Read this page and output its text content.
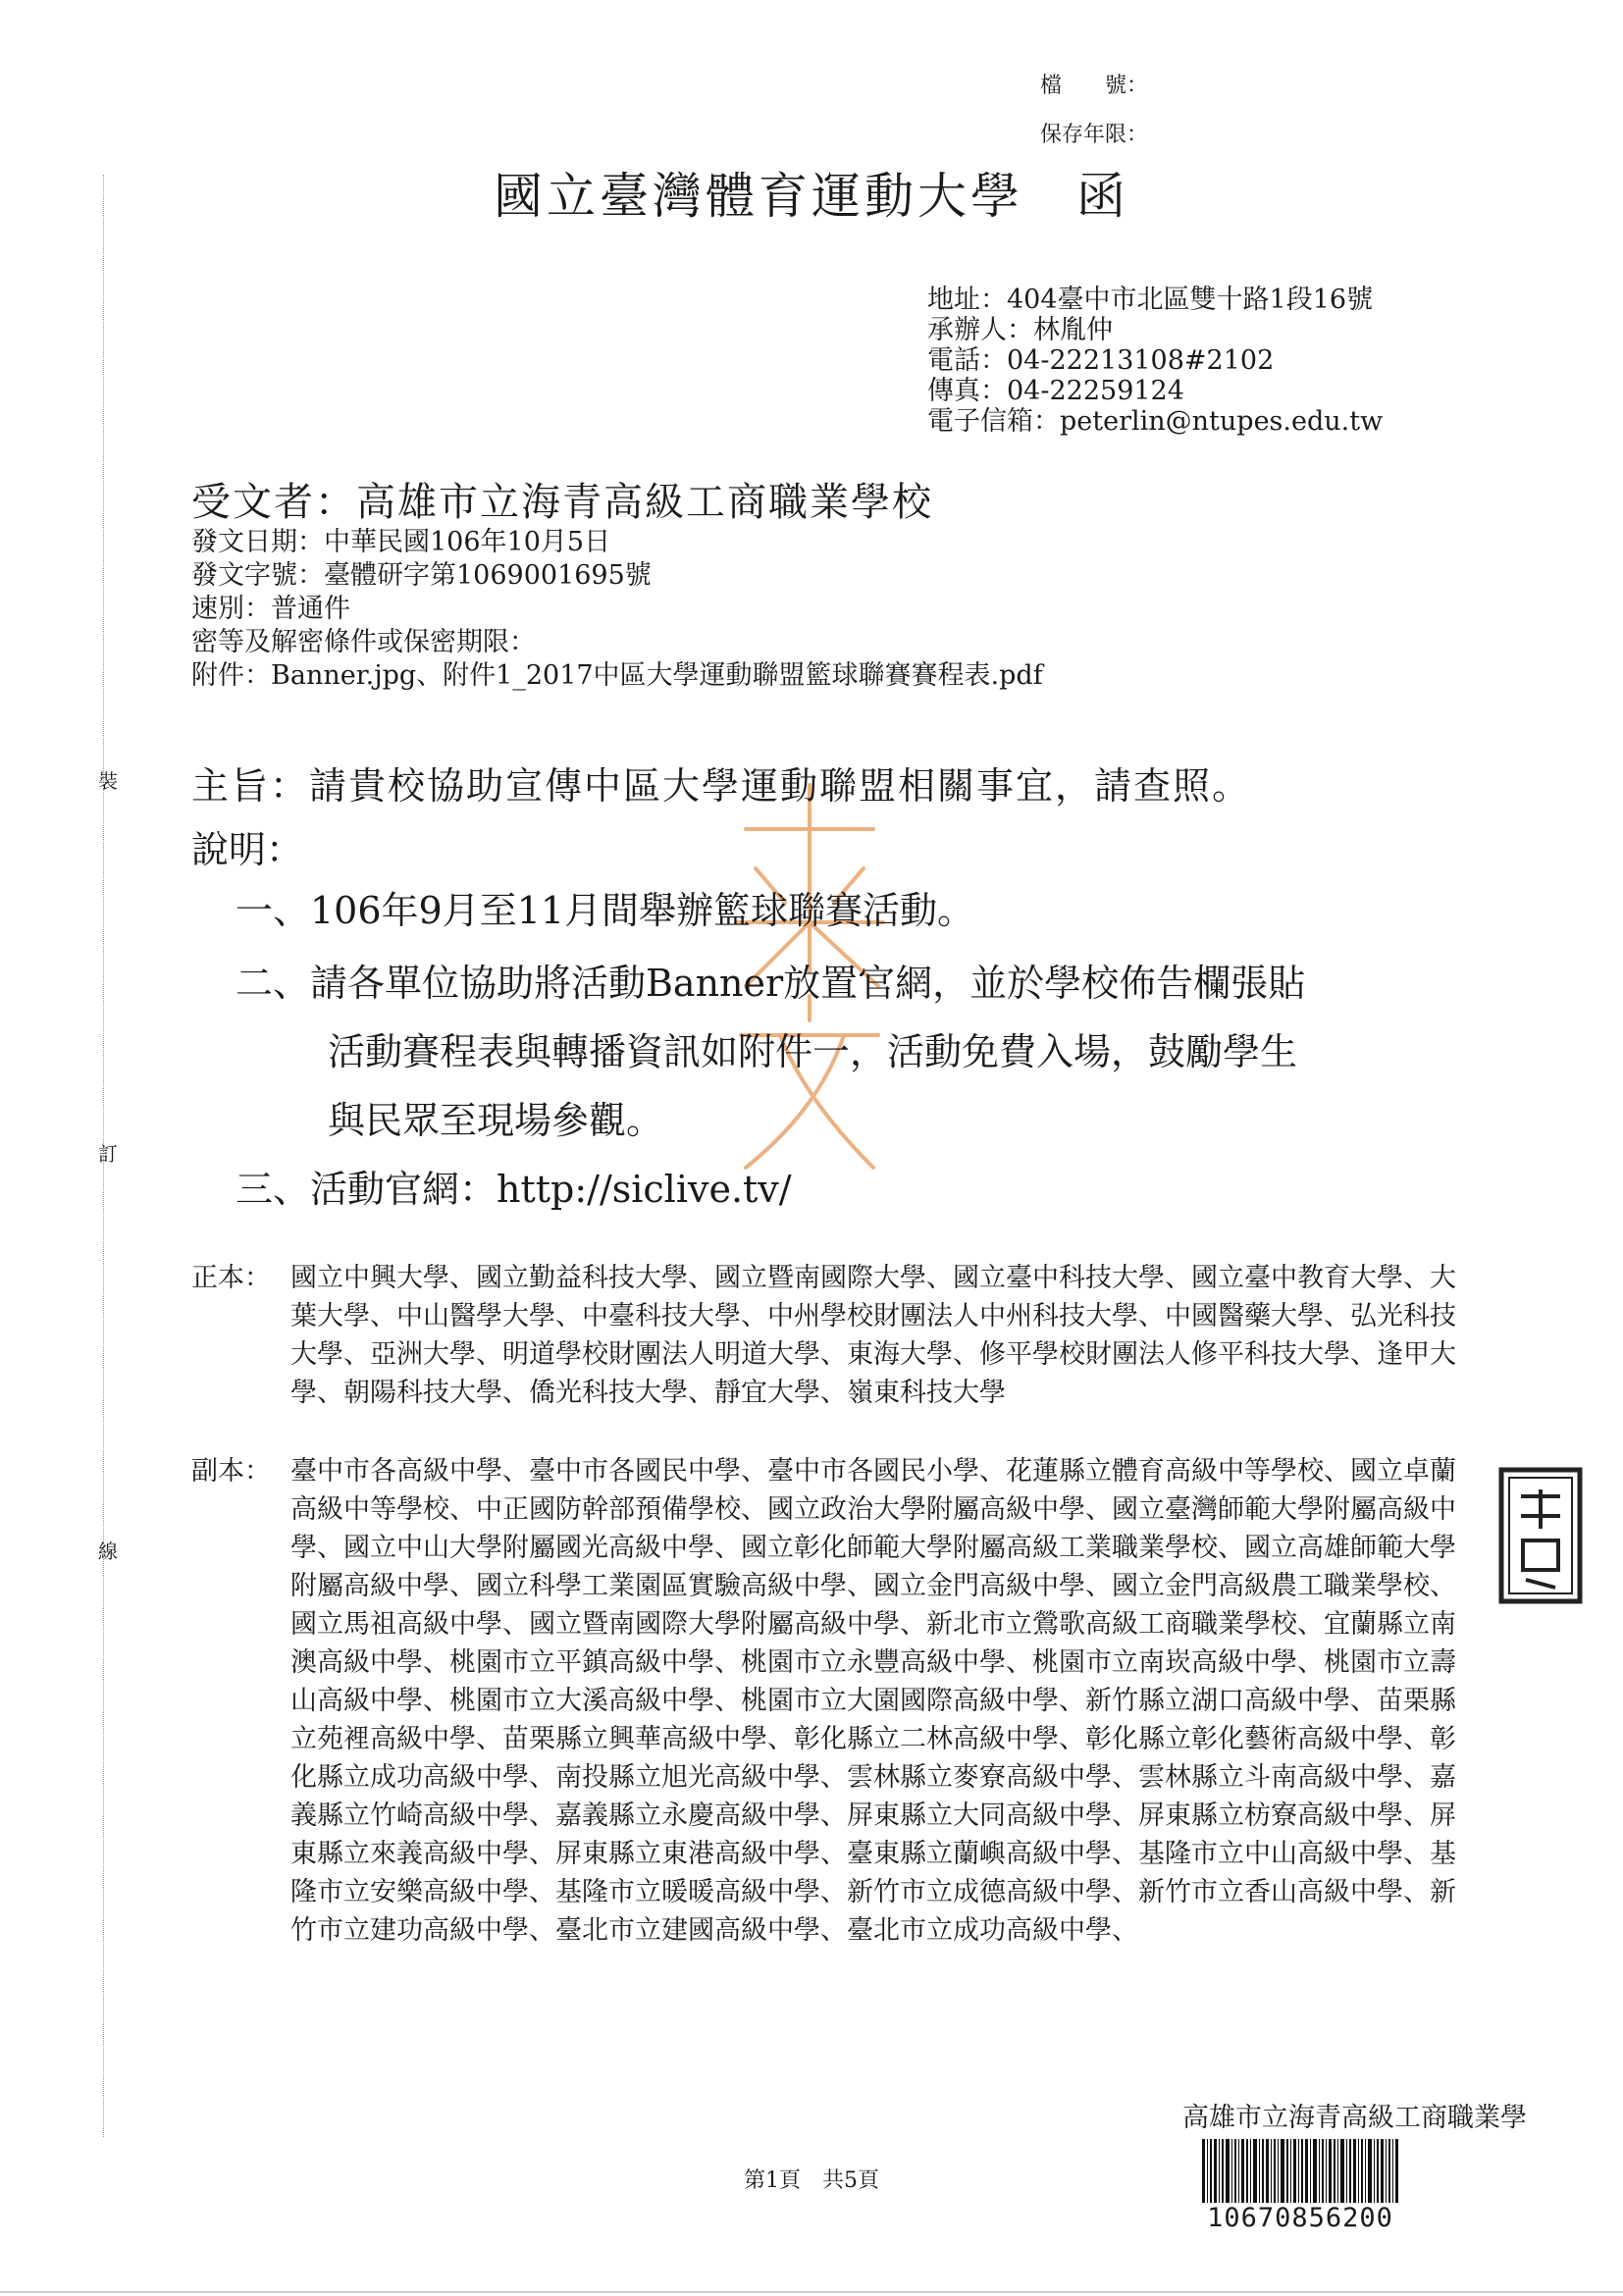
檔　　號：
保存年限：
國立臺灣體育運動大學　函
地址：404臺中市北區雙十路1段16號
承辦人：林胤仲
電話：04-22213108#2102
傳真：04-22259124
電子信箱：peterlin@ntupes.edu.tw
受文者：高雄市立海青高級工商職業學校
發文日期：中華民國106年10月5日
發文字號：臺體研字第1069001695號
速別：普通件
密等及解密條件或保密期限：
附件：Banner.jpg、附件1_2017中區大學運動聯盟籃球聯賽賽程表.pdf
主旨：請貴校協助宣傳中區大學運動聯盟相關事宜，請查照。
說明：
一、106年9月至11月間舉辦籃球聯賽活動。
二、請各單位協助將活動Banner放置官網，並於學校佈告欄張貼
活動賽程表與轉播資訊如附件一，活動免費入場，鼓勵學生
與民眾至現場參觀。
三、活動官網：http://siclive.tv/
正本： 國立中興大學、國立勤益科技大學、國立暨南國際大學、國立臺中科技大學、國立臺中教育大學、大葉大學、中山醫學大學、中臺科技大學、中州學校財團法人中州科技大學、中國醫藥大學、弘光科技大學、亞洲大學、明道學校財團法人明道大學、東海大學、修平學校財團法人修平科技大學、逢甲大學、朝陽科技大學、僑光科技大學、靜宜大學、嶺東科技大學
副本： 臺中市各高級中學、臺中市各國民中學、臺中市各國民小學、花蓮縣立體育高級中等學校、國立卓蘭高級中等學校、中正國防幹部預備學校、國立政治大學附屬高級中學、國立臺灣師範大學附屬高級中學、國立中山大學附屬國光高級中學、國立彰化師範大學附屬高級工業職業學校、國立高雄師範大學附屬高級中學、國立科學工業園區實驗高級中學、國立金門高級中學、國立金門高級農工職業學校、國立馬祖高級中學、國立暨南國際大學附屬高級中學、新北市立鶯歌高級工商職業學校、宜蘭縣立南澳高級中學、桃園市立平鎮高級中學、桃園市立永豐高級中學、桃園市立南崁高級中學、桃園市立壽山高級中學、桃園市立大溪高級中學、桃園市立大園國際高級中學、新竹縣立湖口高級中學、苗栗縣立苑裡高級中學、苗栗縣立興華高級中學、彰化縣立二林高級中學、彰化縣立彰化藝術高級中學、彰化縣立成功高級中學、南投縣立旭光高級中學、雲林縣立麥寮高級中學、雲林縣立斗南高級中學、嘉義縣立竹崎高級中學、嘉義縣立永慶高級中學、屏東縣立大同高級中學、屏東縣立枋寮高級中學、屏東縣立來義高級中學、屏東縣立東港高級中學、臺東縣立蘭嶼高級中學、基隆市立中山高級中學、基隆市立安樂高級中學、基隆市立暖暖高級中學、新竹市立成德高級中學、新竹市立香山高級中學、新竹市立建功高級中學、臺北市立建國高級中學、臺北市立成功高級中學、
裝
訂
線
高雄市立海青高級工商職業學
10670856200
第1頁　共5頁
